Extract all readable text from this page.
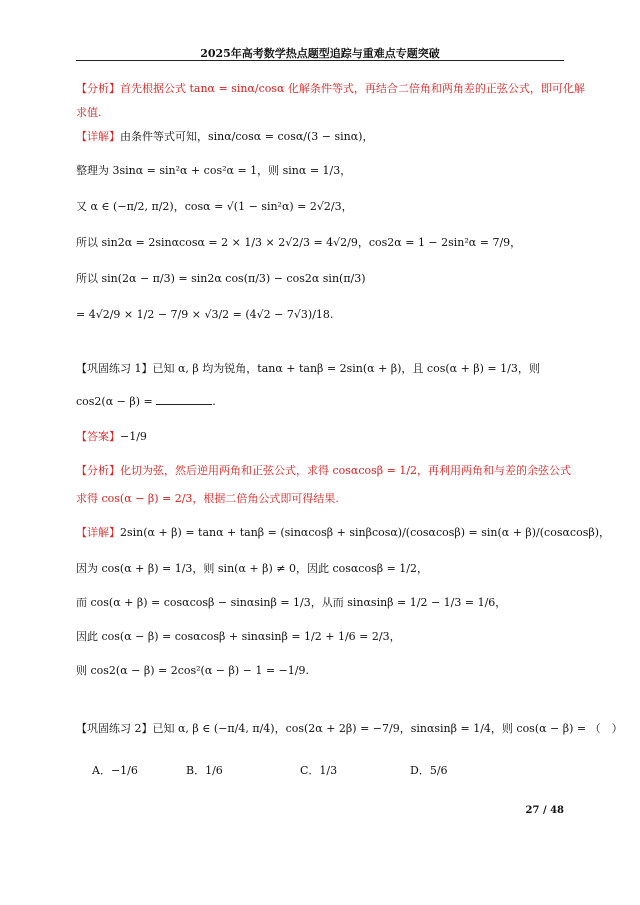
2025年高考数学热点题型追踪与重难点专题突破
【分析】首先根据公式 tanα = sinα/cosα 化解条件等式，再结合二倍角和两角差的正弦公式，即可化解
求值.
【详解】由条件等式可知，sinα/cosα = cosα/(3 − sinα)，
整理为 3sinα = sin²α + cos²α = 1，则 sinα = 1/3，
又 α ∈ (−π/2, π/2)，cosα = √(1 − sin²α) = 2√2/3，
所以 sin2α = 2sinαcosα = 2 × 1/3 × 2√2/3 = 4√2/9，cos2α = 1 − 2sin²α = 7/9，
所以 sin(2α − π/3) = sin2α cos(π/3) − cos2α sin(π/3)
= 4√2/9 × 1/2 − 7/9 × √3/2 = (4√2 − 7√3)/18.
【巩固练习 1】已知 α, β 均为锐角，tanα + tanβ = 2sin(α + β)，且 cos(α + β) = 1/3，则
cos2(α − β) =	.
【答案】−1/9
【分析】化切为弦，然后逆用两角和正弦公式，求得 cosαcosβ = 1/2，再利用两角和与差的余弦公式
求得 cos(α − β) = 2/3，根据二倍角公式即可得结果.
【详解】2sin(α + β) = tanα + tanβ = (sinαcosβ + sinβcosα)/(cosαcosβ) = sin(α + β)/(cosαcosβ)，
因为 cos(α + β) = 1/3，则 sin(α + β) ≠ 0，因此 cosαcosβ = 1/2，
而 cos(α + β) = cosαcosβ − sinαsinβ = 1/3，从而 sinαsinβ = 1/2 − 1/3 = 1/6，
因此 cos(α − β) = cosαcosβ + sinαsinβ = 1/2 + 1/6 = 2/3，
则 cos2(α − β) = 2cos²(α − β) − 1 = −1/9.
【巩固练习 2】已知 α, β ∈ (−π/4, π/4)，cos(2α + 2β) = −7/9，sinαsinβ = 1/4，则 cos(α − β) = （　）
A．−1/6	B．1/6	C．1/3	D．5/6
27 / 48
